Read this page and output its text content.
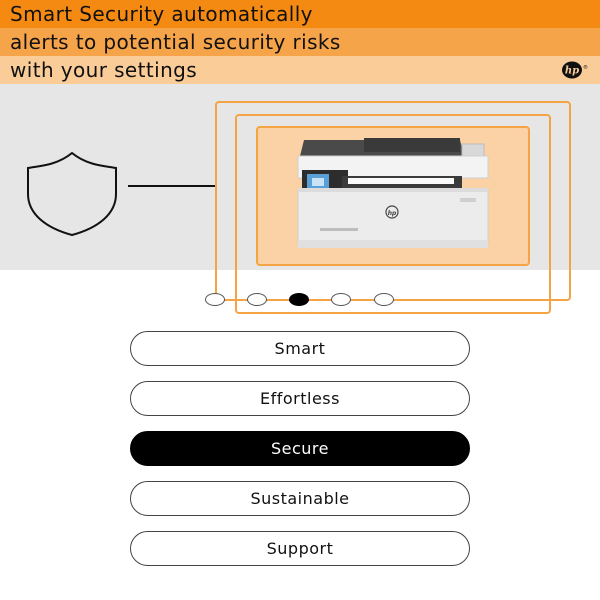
Smart Security automatically
alerts to potential security risks
with your settings	hp ®
hp
Smart
Effortless
Secure
Sustainable
Support
